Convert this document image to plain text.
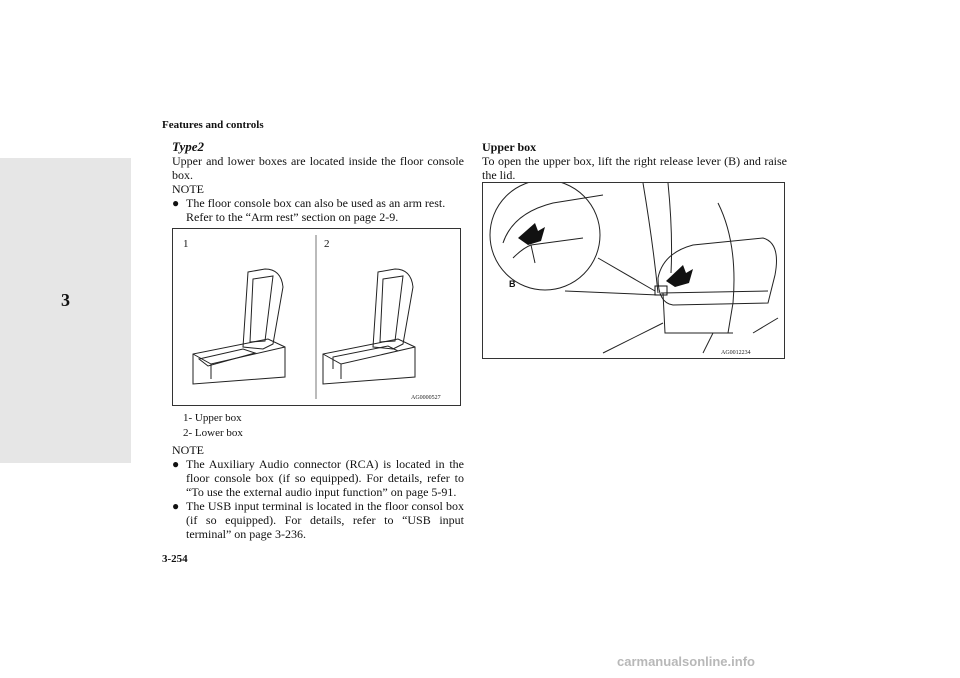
Features and controls
3

Type2

Upper and lower boxes are located inside the floor console box.

NOTE

● The floor console box can also be used as an arm rest. Refer to the “Arm rest” section on page 2-9.
1	2
AG0000527
1- Upper box
2- Lower box

NOTE

● The Auxiliary Audio connector (RCA) is located in the floor console box (if so equipped). For details, refer to “To use the external audio input function” on page 5-91.
● The USB input terminal is located in the floor consol box (if so equipped). For details, refer to “USB input terminal” on page 3-236.

Upper box

To open the upper box, lift the right release lever (B) and raise the lid.

B
AG0012234
3-254
carmanualsonline.info
